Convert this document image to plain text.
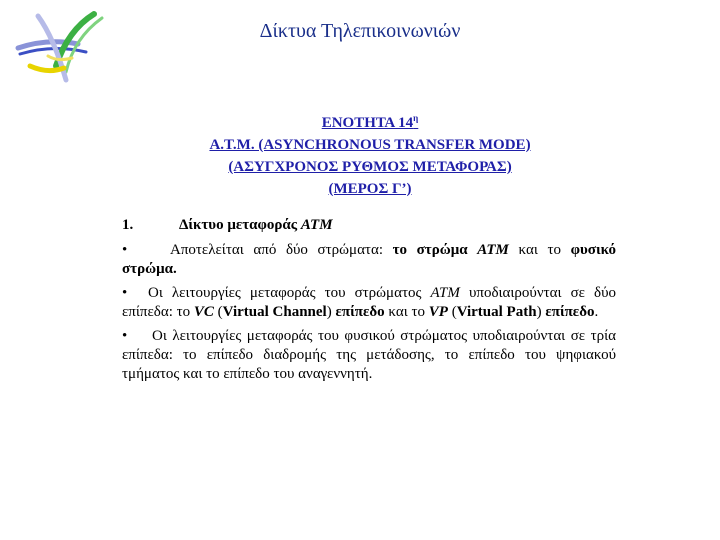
Δίκτυα Τηλεπικοινωνιών
ΕΝΟΤΗΤΑ $14^\eta$
A.T.M. (ASYNCHRONOUS TRANSFER MODE)
(ΑΣΥΓΧΡΟΝΟΣ ΡΥΘΜΟΣ ΜΕΤΑΦΟΡΑΣ)
(ΜΕΡΟΣ Γ’)
1.	Δίκτυο μεταφοράς ATM
•	Αποτελείται από δύο στρώματα: το στρώμα ATM και το φυσικό στρώμα.
• Οι λειτουργίες μεταφοράς του στρώματος ATM υποδιαιρούνται σε δύο επίπεδα: το VC (Virtual Channel) επίπεδο και το VP (Virtual Path) επίπεδο.
• Οι λειτουργίες μεταφοράς του φυσικού στρώματος υποδιαιρούνται σε τρία επίπεδα: το επίπεδο διαδρομής της μετάδοσης, το επίπεδο του ψηφιακού τμήματος και το επίπεδο του αναγεννητή.
